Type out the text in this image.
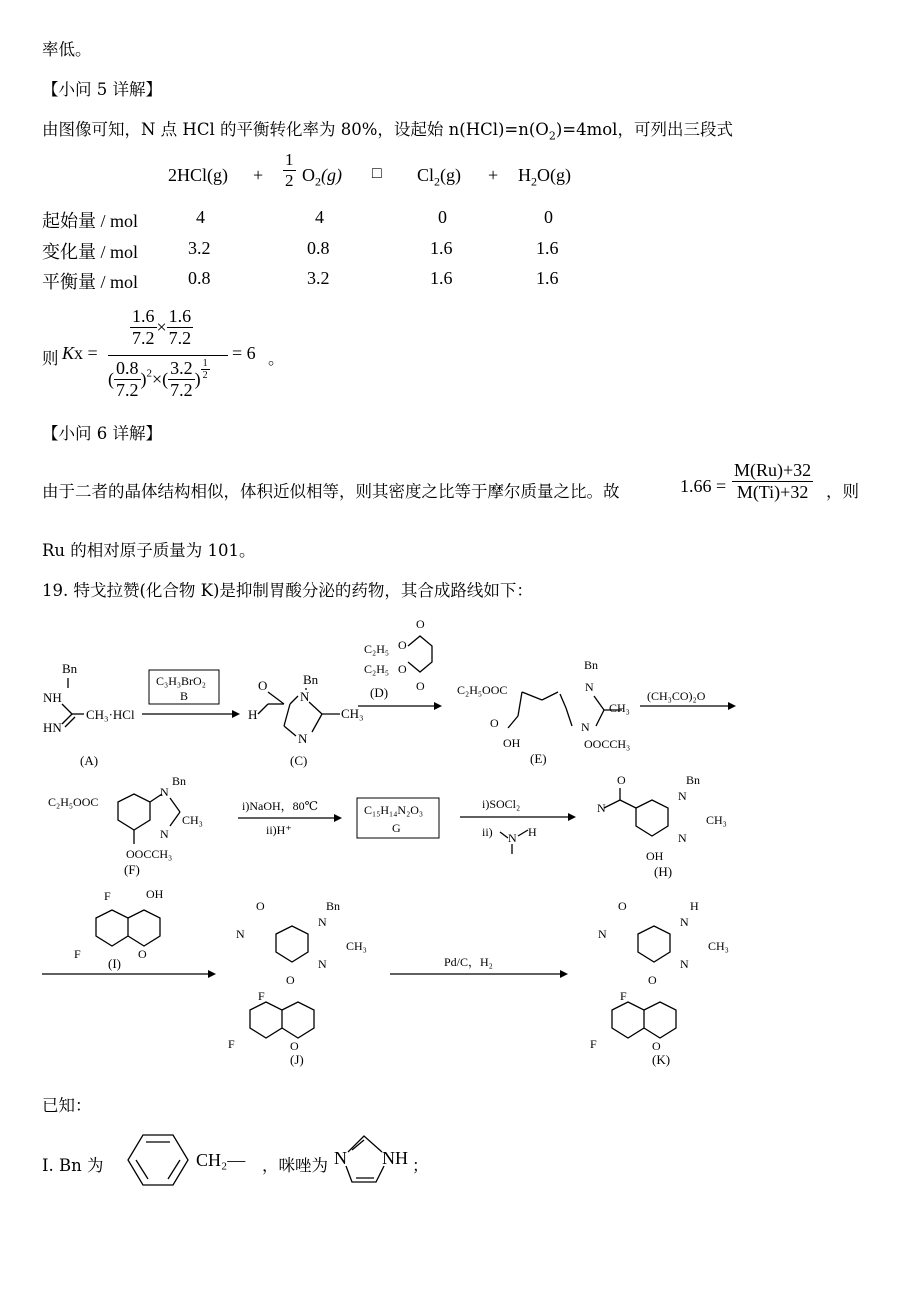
率低。
【小问 5 详解】
由图像可知，N 点 HCl 的平衡转化率为 80%，设起始 $n(HCl)=n(O_2)=4mol$，可列出三段式
$2HCl(g) + \frac{1}{2} O_2(g)$ □ $Cl_2(g) + H_2O(g)$
起始量 / mol	4	4	0	0
变化量 / mol	3.2	0.8	1.6	1.6
平衡量 / mol	0.8	3.2	1.6	1.6
则 Kx =
$\frac{1.6}{7.2} \times \frac{1.6}{7.2}$
( $\frac{0.8}{7.2} )^2\times( \frac{3.2}{7.2}$ ) $\frac{1}{2}$
= 6 。
【小问 6 详解】
由于二者的晶体结构相似，体积近似相等，则其密度之比等于摩尔质量之比。故	$1.66 = \frac{M(Ru)+32}{M(Ti)+32}$ ，则
Ru 的相对原子质量为 101。
19. 特戈拉赞(化合物 K)是抑制胃酸分泌的药物，其合成路线如下：
Bn
NH
HN
CH₃·HCl
(A)
C₃H₃BrO₂
B
Bn
N
CH₃
N
O
H
(C)
C₂H₅ O
C₂H₅ O
O
O
(D)	C₂H₅OOC
O
OH
Bn
N
CH₃
N
OOCCH₃
(E)
(CH₃CO)₂O
C₂H₅OOC
N
Bn
CH₃
N
OOCCH₃
(F)
i)NaOH，80℃
ii)H⁺
C₁₅H₁₄N₂O₃
G
i)SOCl₂
ii) N H
O
N
N
Bn
CH₃
N
OH
(H)
F	OH
F	O
(I)
O
N
N
Bn
CH₃
N
O
F
F	O
(J)
Pd/C，H₂
O
N
N
H
CH₃
N
O
F
F	O
(K)
已知：
I. Bn 为	CH₂— ，咪唑为 N NH ；
